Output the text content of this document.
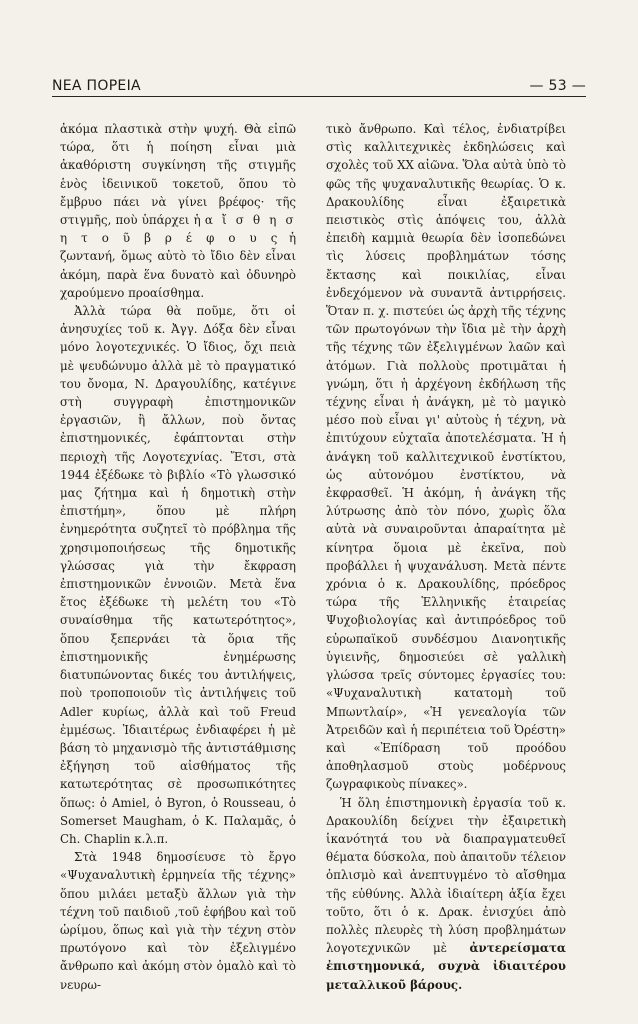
ΝΕΑ ΠΟΡΕΙΑ	— 53 —

ἀκόμα πλαστικὰ στὴν ψυχή. Θὰ εἰπῶ τώρα, ὅτι ἡ ποίηση εἶναι μιὰ ἀκαθόριστη συγκίνηση τῆς στιγμῆς ἑνὸς ἰδεινικοῦ τοκετοῦ, ὅπου τὸ ἔμβρυο πάει νὰ γίνει βρέφος· τῆς στιγμῆς, ποὺ ὑπάρχει ἡ α ἴ σ θ η σ η τ ο ῦ β ρ έ φ ο υ ς ἡ ζωντανή, ὅμως αὐτὸ τὸ ἴδιο δὲν εἶναι ἀκόμη, παρὰ ἕνα δυνατὸ καὶ ὀδυνηρὸ χαρούμενο προαίσθημα.

Ἀλλὰ τώρα θὰ ποῦμε, ὅτι οἱ ἀνησυχίες τοῦ κ. Ἀγγ. Δόξα δὲν εἶναι μόνο λογοτεχνικές. Ὁ ἴδιος, ὄχι πειὰ μὲ ψευδώνυμο ἀλλὰ μὲ τὸ πραγματικό του ὄνομα, Ν. Δραγουλίδης, κατέγινε στὴ συγγραφὴ ἐπιστημονικῶν ἐργασιῶν, ἢ ἄλλων, ποὺ ὄντας ἐπιστημονικές, ἐφάπτονται στὴν περιοχὴ τῆς Λογοτεχνίας. Ἔτσι, στὰ 1944 ἐξέδωκε τὸ βιβλίο «Τὸ γλωσσικό μας ζήτημα καὶ ἡ δημοτικὴ στὴν ἐπιστήμη», ὅπου μὲ πλήρη ἐνημερότητα συζητεῖ τὸ πρόβλημα τῆς χρησιμοποιήσεως τῆς δημοτικῆς γλώσσας γιὰ τὴν ἔκφραση ἐπιστημονικῶν ἐννοιῶν. Μετὰ ἕνα ἔτος ἐξέδωκε τὴ μελέτη του «Τὸ συναίσθημα τῆς κατωτερότητος», ὅπου ξεπερνάει τὰ ὅρια τῆς ἐπιστημονικῆς ἐνημέρωσης διατυπώνοντας δικές του ἀντιλήψεις, ποὺ τροποποιοῦν τὶς ἀντιλήψεις τοῦ Adler κυρίως, ἀλλὰ καὶ τοῦ Freud ἐμμέσως. Ἰδιαιτέρως ἐνδιαφέρει ἡ μὲ βάση τὸ μηχανισμὸ τῆς ἀντιστάθμισης ἐξήγηση τοῦ αἰσθήματος τῆς κατωτερότητας σὲ προσωπικότητες ὅπως: ὁ Amiel, ὁ Byron, ὁ Rousseau, ὁ Somerset Maugham, ὁ Κ. Παλαμᾶς, ὁ Ch. Chaplin κ.λ.π.

Στὰ 1948 δημοσίευσε τὸ ἔργο «Ψυχαναλυτικὴ ἑρμηνεία τῆς τέχνης» ὅπου μιλάει μεταξὺ ἄλλων γιὰ τὴν τέχνη τοῦ παιδιοῦ ,τοῦ ἐφήβου καὶ τοῦ ὡρίμου, ὅπως καὶ γιὰ τὴν τέχνη στὸν πρωτόγονο καὶ τὸν ἐξελιγμένο ἄνθρωπο καὶ ἀκόμη στὸν ὁμαλὸ καὶ τὸ νευρω-

τικὸ ἄνθρωπο. Καὶ τέλος, ἐνδιατρίβει στὶς καλλιτεχνικὲς ἐκδηλώσεις καὶ σχολὲς τοῦ ΧΧ αἰῶνα. Ὅλα αὐτὰ ὑπὸ τὸ φῶς τῆς ψυχαναλυτικῆς θεωρίας. Ὁ κ. Δρακουλίδης εἶναι ἐξαιρετικὰ πειστικὸς στὶς ἀπόψεις του, ἀλλὰ ἐπειδὴ καμμιὰ θεωρία δὲν ἰσοπεδώνει τὶς λύσεις προβλημάτων τόσης ἔκτασης καὶ ποικιλίας, εἶναι ἐνδεχόμενον νὰ συναντᾶ ἀντιρρήσεις. Ὅταν π. χ. πιστεύει ὡς ἀρχὴ τῆς τέχνης τῶν πρωτογόνων τὴν ἴδια μὲ τὴν ἀρχὴ τῆς τέχνης τῶν ἐξελιγμένων λαῶν καὶ ἀτόμων. Γιὰ πολλοὺς προτιμᾶται ἡ γνώμη, ὅτι ἡ ἀρχέγονη ἐκδήλωση τῆς τέχνης εἶναι ἡ ἀνάγκη, μὲ τὸ μαγικὸ μέσο ποὺ εἶναι γι' αὐτοὺς ἡ τέχνη, νὰ ἐπιτύχουν εὐχταῖα ἀποτελέσματα. Ἡ ἡ ἀνάγκη τοῦ καλλιτεχνικοῦ ἐνστίκτου, ὡς αὐτονόμου ἐνστίκτου, νὰ ἐκφρασθεῖ. Ἡ ἀκόμη, ἡ ἀνάγκη τῆς λύτρωσης ἀπὸ τὸν πόνο, χωρὶς ὅλα αὐτὰ νὰ συναιροῦνται ἀπαραίτητα μὲ κίνητρα ὅμοια μὲ ἐκεῖνα, ποὺ προβάλλει ἡ ψυχανάλυση. Μετὰ πέντε χρόνια ὁ κ. Δρακουλίδης, πρόεδρος τώρα τῆς Ἑλληνικῆς ἑταιρείας Ψυχοβιολογίας καὶ ἀντιπρόεδρος τοῦ εὐρωπαϊκοῦ συνδέσμου Διανοητικῆς ὑγιεινῆς, δημοσιεύει σὲ γαλλικὴ γλώσσα τρεῖς σύντομες ἐργασίες του: «Ψυχαναλυτικὴ κατατομὴ τοῦ Μπωντλαίρ», «Ἡ γενεαλογία τῶν Ἀτρειδῶν καὶ ἡ περιπέτεια τοῦ Ὀρέστη» καὶ «Ἐπίδραση τοῦ προόδου ἀποθηλασμοῦ στοὺς μοδέρνους ζωγραφικοὺς πίνακες».

Ἡ ὅλη ἐπιστημονικὴ ἐργασία τοῦ κ. Δρακουλίδη δείχνει τὴν ἐξαιρετικὴ ἱκανότητά του νὰ διαπραγματευθεῖ θέματα δύσκολα, ποὺ ἀπαιτοῦν τέλειον ὁπλισμὸ καὶ ἀνεπτυγμένο τὸ αἴσθημα τῆς εὐθύνης. Ἀλλὰ ἰδιαίτερη ἀξία ἔχει τοῦτο, ὅτι ὁ κ. Δρακ. ἐνισχύει ἀπὸ πολλὲς πλευρὲς τὴ λύση προβλημάτων λογοτεχνικῶν μὲ ἀντερείσματα ἐπιστημονικά, συχνὰ ἰδιαιτέρου μεταλλικοῦ βάρους.
